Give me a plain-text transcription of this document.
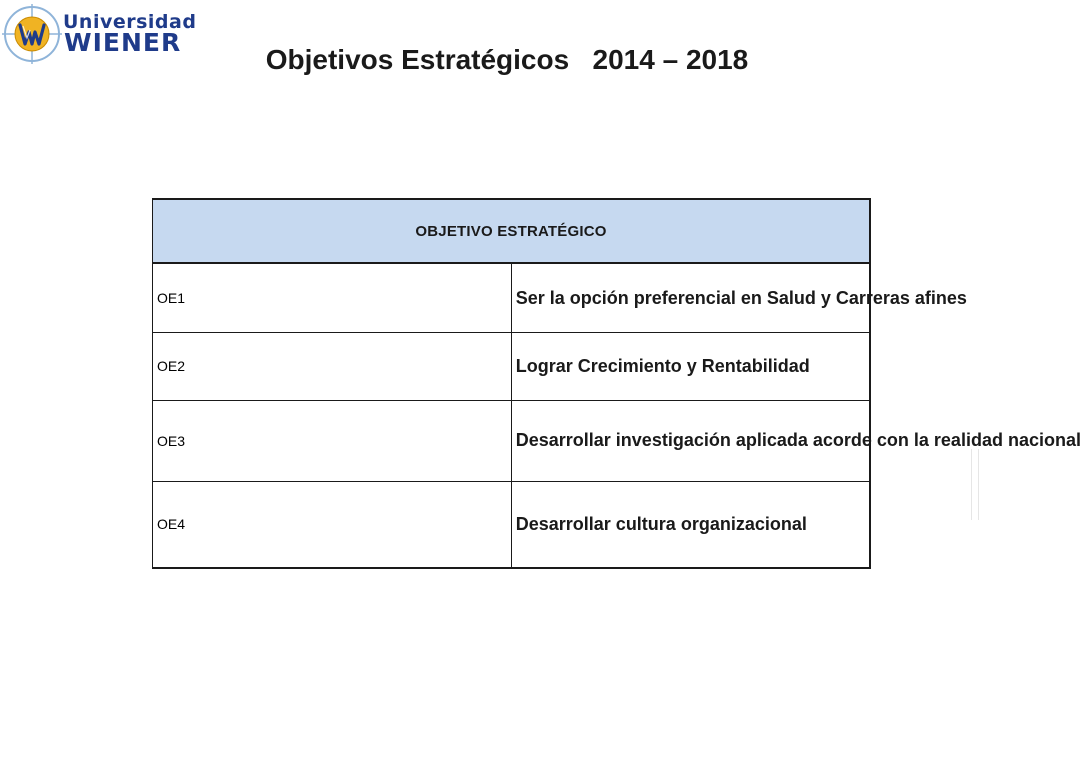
Universidad
WIENER
Objetivos Estratégicos   2014 – 2018
OBJETIVO ESTRATÉGICO	
OE1	Ser la opción preferencial en Salud y Carreras afines
OE2	Lograr Crecimiento y Rentabilidad
OE3	Desarrollar investigación aplicada acorde con la realidad nacional
OE4	Desarrollar cultura organizacional
